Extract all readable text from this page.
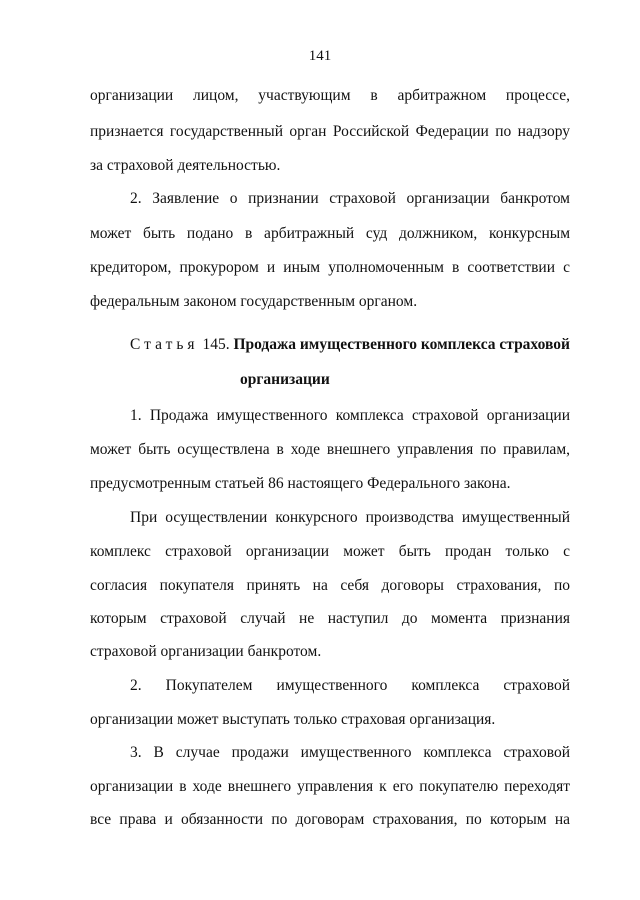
141
организации лицом, участвующим в арбитражном процессе,
признается государственный орган Российской Федерации по надзору
за страховой деятельностью.
2. Заявление о признании страховой организации банкротом
может быть подано в арбитражный суд должником, конкурсным
кредитором, прокурором и иным уполномоченным в соответствии с
федеральным законом государственным органом.
Статья 145. Продажа имущественного комплекса страховой
организации
1. Продажа имущественного комплекса страховой организации
может быть осуществлена в ходе внешнего управления по правилам,
предусмотренным статьей 86 настоящего Федерального закона.
При осуществлении конкурсного производства имущественный
комплекс страховой организации может быть продан только с
согласия покупателя принять на себя договоры страхования, по
которым страховой случай не наступил до момента признания
страховой организации банкротом.
2. Покупателем имущественного комплекса страховой
организации может выступать только страховая организация.
3. В случае продажи имущественного комплекса страховой
организации в ходе внешнего управления к его покупателю переходят
все права и обязанности по договорам страхования, по которым на
